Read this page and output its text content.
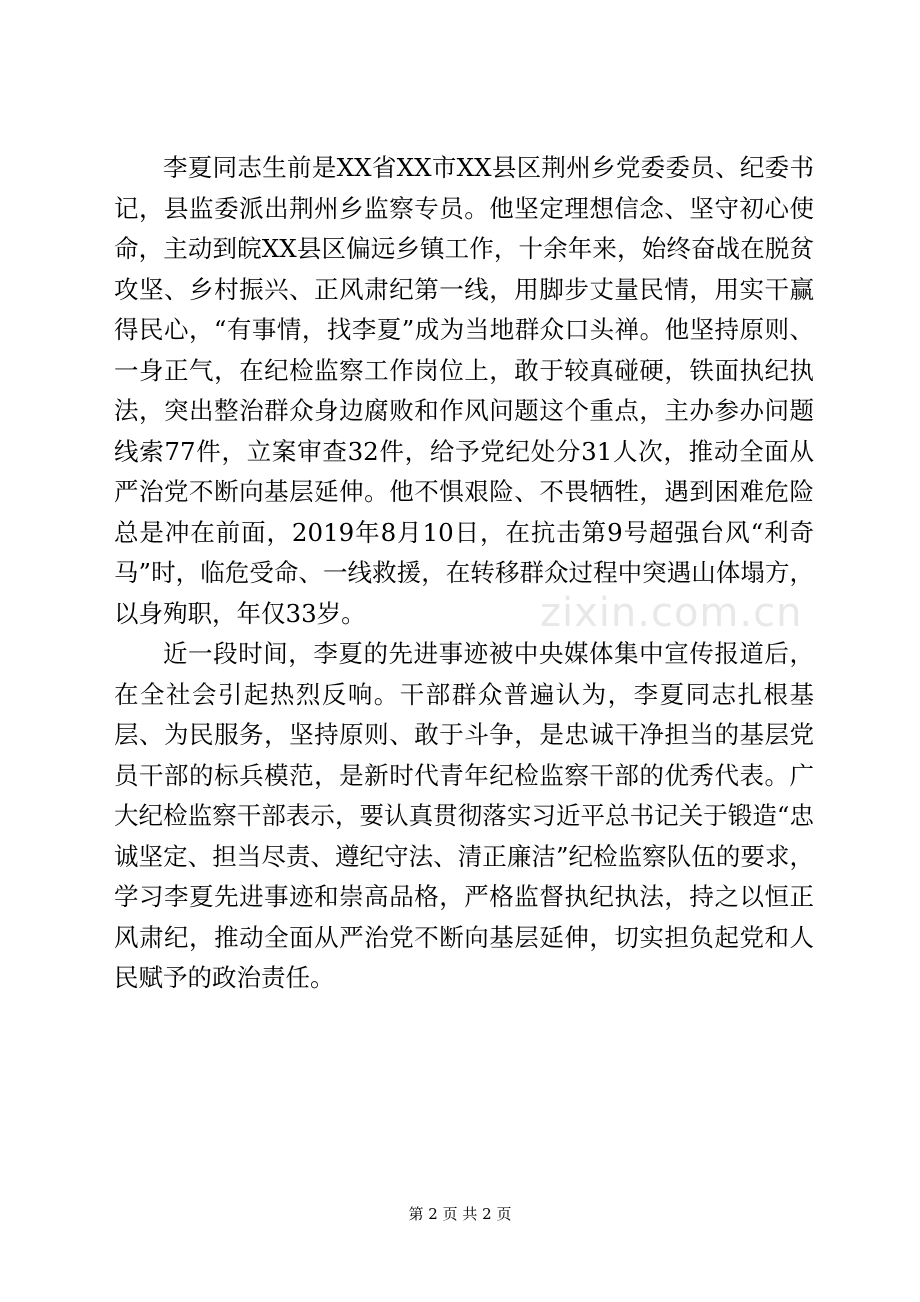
李夏同志生前是XX省XX市XX县区荆州乡党委委员、纪委书记，县监委派出荆州乡监察专员。他坚定理想信念、坚守初心使命，主动到皖XX县区偏远乡镇工作，十余年来，始终奋战在脱贫攻坚、乡村振兴、正风肃纪第一线，用脚步丈量民情，用实干赢得民心，“有事情，找李夏”成为当地群众口头禅。他坚持原则、一身正气，在纪检监察工作岗位上，敢于较真碰硬，铁面执纪执法，突出整治群众身边腐败和作风问题这个重点，主办参办问题线索77件，立案审查32件，给予党纪处分31人次，推动全面从严治党不断向基层延伸。他不惧艰险、不畏牺牲，遇到困难危险总是冲在前面，2019年8月10日，在抗击第9号超强台风“利奇马”时，临危受命、一线救援，在转移群众过程中突遇山体塌方，以身殉职，年仅33岁。

近一段时间，李夏的先进事迹被中央媒体集中宣传报道后，在全社会引起热烈反响。干部群众普遍认为，李夏同志扎根基层、为民服务，坚持原则、敢于斗争，是忠诚干净担当的基层党员干部的标兵模范，是新时代青年纪检监察干部的优秀代表。广大纪检监察干部表示，要认真贯彻落实习近平总书记关于锻造“忠诚坚定、担当尽责、遵纪守法、清正廉洁”纪检监察队伍的要求，学习李夏先进事迹和崇高品格，严格监督执纪执法，持之以恒正风肃纪，推动全面从严治党不断向基层延伸，切实担负起党和人民赋予的政治责任。

zixin.com.cn
第 2 页 共 2 页
